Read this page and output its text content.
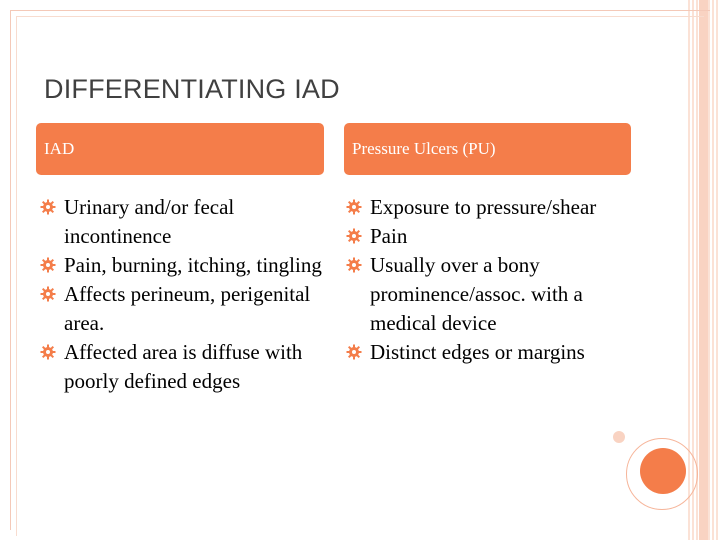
DIFFERENTIATING IAD
IAD	Pressure Ulcers (PU)
Urinary and/or fecal incontinence
Pain, burning, itching, tingling
Affects perineum, perigenital area.
Affected area is diffuse with poorly defined edges
Exposure to pressure/shear
Pain
Usually over a bony prominence/assoc. with a medical device
Distinct edges or margins
